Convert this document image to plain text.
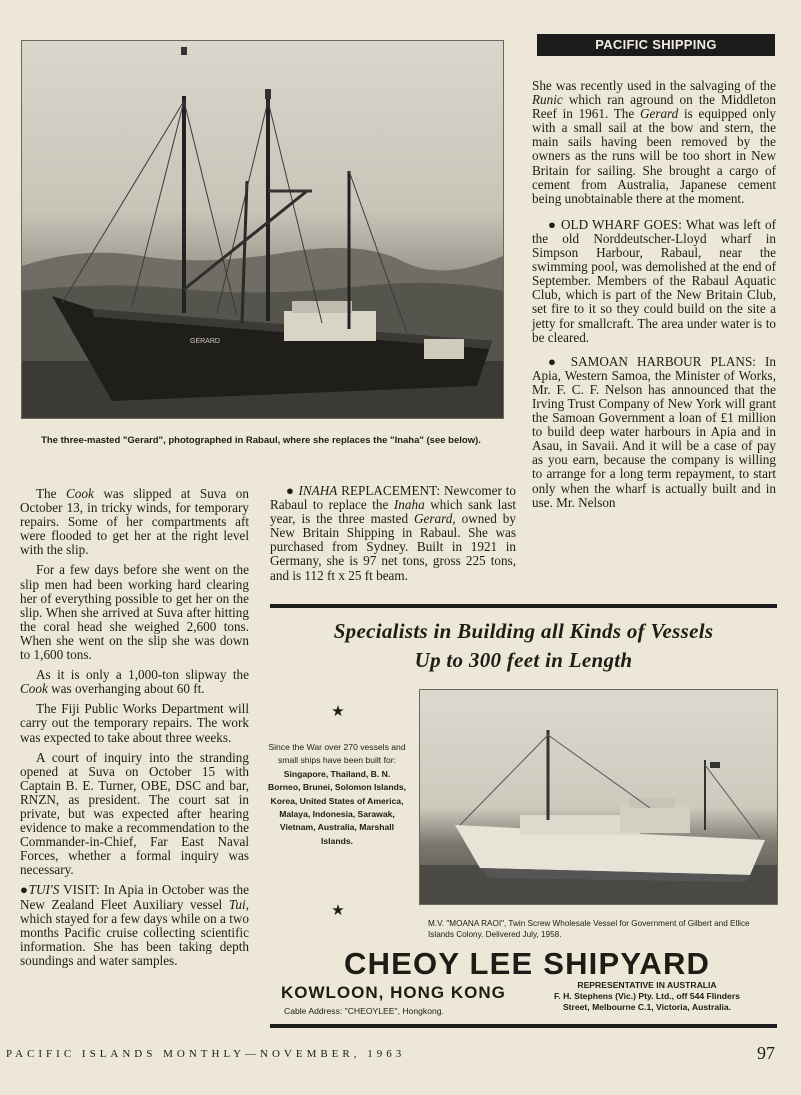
PACIFIC SHIPPING
GERARD
The three-masted "Gerard", photographed in Rabaul, where she replaces the "Inaha" (see below).

The Cook was slipped at Suva on October 13, in tricky winds, for temporary repairs. Some of her compartments aft were flooded to get her at the right level with the slip.

For a few days before she went on the slip men had been working hard clearing her of everything possible to get her on the slip. When she arrived at Suva after hitting the coral head she weighed 2,600 tons. When she went on the slip she was down to 1,600 tons.

As it is only a 1,000-ton slipway the Cook was overhanging about 60 ft.

The Fiji Public Works Department will carry out the temporary repairs. The work was expected to take about three weeks.

A court of inquiry into the stranding opened at Suva on October 15 with Captain B. E. Turner, OBE, DSC and bar, RNZN, as president. The court sat in private, but was expected after hearing evidence to make a recommendation to the Commander-in-Chief, Far East Naval Forces, whether a formal inquiry was necessary.

●TUI'S VISIT: In Apia in October was the New Zealand Fleet Auxiliary vessel Tui, which stayed for a few days while on a two months Pacific cruise collecting scientific information. She has been taking depth soundings and water samples.

● INAHA REPLACEMENT: Newcomer to Rabaul to replace the Inaha which sank last year, is the three masted Gerard, owned by New Britain Shipping in Rabaul. She was purchased from Sydney. Built in 1921 in Germany, she is 97 net tons, gross 225 tons, and is 112 ft x 25 ft beam.

She was recently used in the salvaging of the Runic which ran aground on the Middleton Reef in 1961. The Gerard is equipped only with a small sail at the bow and stern, the main sails having been removed by the owners as the runs will be too short in New Britain for sailing. She brought a cargo of cement from Australia, Japanese cement being unobtainable there at the moment.

● OLD WHARF GOES: What was left of the old Norddeutscher-Lloyd wharf in Simpson Harbour, Rabaul, near the swimming pool, was demolished at the end of September. Members of the Rabaul Aquatic Club, which is part of the New Britain Club, set fire to it so they could build on the site a jetty for smallcraft. The area under water is to be cleared.

● SAMOAN HARBOUR PLANS: In Apia, Western Samoa, the Minister of Works, Mr. F. C. F. Nelson has announced that the Irving Trust Company of New York will grant the Samoan Government a loan of £1 million to build deep water harbours in Apia and in Asau, in Savaii. And it will be a case of pay as you earn, because the company is willing to arrange for a long term repayment, to start only when the wharf is actually built and in use. Mr. Nelson

Specialists in Building all Kinds of Vessels
Up to 300 feet in Length
★
★
Since the War over 270 vessels and small ships have been built for: Singapore, Thailand, B. N. Borneo, Brunei, Solomon Islands, Korea, United States of America, Malaya, Indonesia, Sarawak, Vietnam, Australia, Marshall Islands.
M.V. "MOANA RAOI", Twin Screw Wholesale Vessel for Government of Gilbert and Ellice Islands Colony. Delivered July, 1958.
CHEOY LEE SHIPYARD
KOWLOON, HONG KONG
Cable Address: "CHEOYLEE", Hongkong.
REPRESENTATIVE IN AUSTRALIA
F. H. Stephens (Vic.) Pty. Ltd., off 544 Flinders
Street, Melbourne C.1, Victoria, Australia.
PACIFIC ISLANDS MONTHLY—NOVEMBER, 1963	97
